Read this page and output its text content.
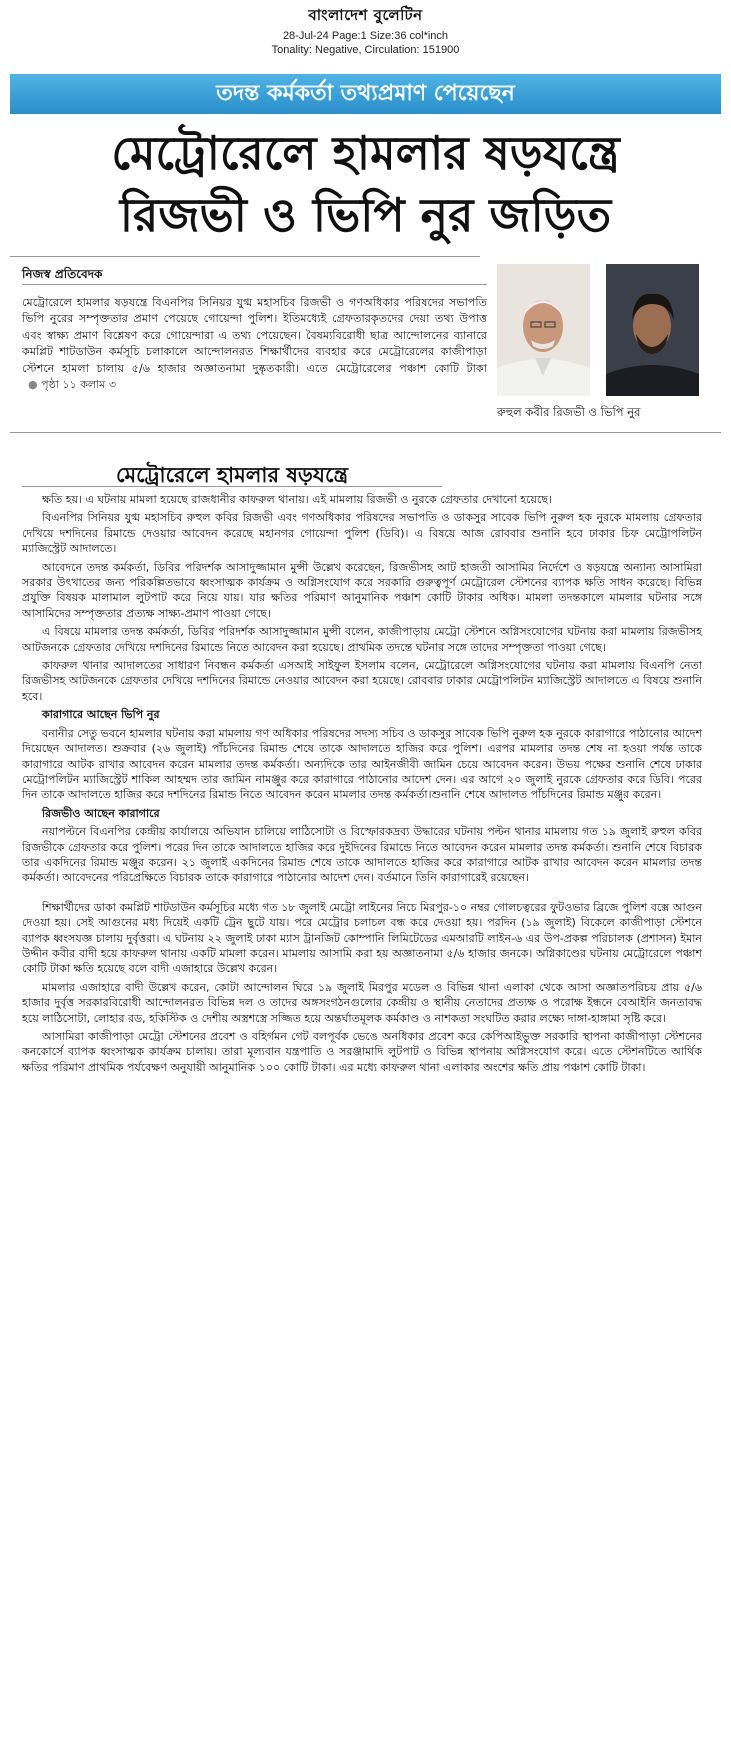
বাংলাদেশ বুলেটিন
28-Jul-24 Page:1 Size:36 col*inch
Tonality: Negative, Circulation: 151900
তদন্ত কর্মকর্তা তথ্যপ্রমাণ পেয়েছেন
মেট্রোরেলে হামলার ষড়যন্ত্রে
রিজভী ও ভিপি নুর জড়িত
নিজস্ব প্রতিবেদক
মেট্রোরেলে হামলার ষড়যন্ত্রে বিএনপির সিনিয়র যুগ্ম মহাসচিব রিজভী ও গণঅধিকার পরিষদের সভাপতি ভিপি নুরের সম্পৃক্ততার প্রমাণ পেয়েছে গোয়েন্দা পুলিশ। ইতিমধ্যেই গ্রেফতারকৃতদের দেয়া তথ্য উপাত্ত এবং স্বাক্ষ্য প্রমাণ বিশ্লেষণ করে গোয়েন্দারা এ তথ্য পেয়েছেন। বৈষম্যবিরোধী ছাত্র আন্দোলনের ব্যানারে কমপ্লিট শাটডাউন কর্মসূচি চলাকালে আন্দোলনরত শিক্ষার্থীদের ব্যবহার করে মেট্রোরেলের কাজীপাড়া স্টেশনে হামলা চালায় ৫/৬ হাজার অজ্ঞাতনামা দুষ্কৃতকারী। এতে মেট্রোরেলের পঞ্চাশ কোটি টাকা ● পৃষ্ঠা ১১ কলাম ৩
রুহুল কবীর রিজভী ও ভিপি নুর
মেট্রোরেলে হামলার ষড়যন্ত্রে

ক্ষতি হয়। এ ঘটনায় মামলা হয়েছে রাজধানীর কাফরুল থানায়। এই মামলায় রিজভী ও নুরকে গ্রেফতার দেখানো হয়েছে।

বিএনপির সিনিয়র যুগ্ম মহাসচিব রুহুল কবির রিজভী এবং গণঅধিকার পরিষদের সভাপতি ও ডাকসুর সাবেক ভিপি নুরুল হক নুরকে মামলায় গ্রেফতার দেখিয়ে দশদিনের রিমান্ডে দেওয়ার আবেদন করেছে মহানগর গোয়েন্দা পুলিশ (ডিবি)। এ বিষয়ে আজ রোববার শুনানি হবে ঢাকার চিফ মেট্রোপলিটন ম্যাজিস্ট্রেট আদালতে।

আবেদনে তদন্ত কর্মকর্তা, ডিবির পরিদর্শক আসাদুজ্জামান মুন্সী উল্লেখ করেছেন, রিজভীসহ আট হাজতী আসামির নির্দেশে ও ষড়যন্ত্রে অন্যান্য আসামিরা সরকার উৎখাতের জন্য পরিকল্পিতভাবে ধ্বংসাত্মক কার্যক্রম ও অগ্নিসংযোগ করে সরকারি গুরুত্বপূর্ণ মেট্রোরেল স্টেশনের ব্যাপক ক্ষতি সাধন করেছে। বিভিন্ন প্রযুক্তি বিষয়ক মালামাল লুটপাট করে নিয়ে যায়। যার ক্ষতির পরিমাণ আনুমানিক পঞ্চাশ কোটি টাকার অধিক। মামলা তদন্তকালে মামলার ঘটনার সঙ্গে আসামিদের সম্পৃক্ততার প্রত্যক্ষ সাক্ষ্য-প্রমাণ পাওয়া গেছে।

এ বিষয়ে মামলার তদন্ত কর্মকর্তা, ডিবির পরিদর্শক আসাদুজ্জামান মুন্সী বলেন, কাজীপাড়ায় মেট্রো স্টেশনে অগ্নিসংযোগের ঘটনায় করা মামলায় রিজভীসহ আটজনকে গ্রেফতার দেখিয়ে দশদিনের রিমান্ডে নিতে আবেদন করা হয়েছে। প্রাথমিক তদন্তে ঘটনার সঙ্গে তাদের সম্পৃক্ততা পাওয়া গেছে।

কাফরুল থানার আদালতের সাধারণ নিবন্ধন কর্মকর্তা এসআই সাইফুল ইসলাম বলেন, মেট্রোরেলে অগ্নিসংযোগের ঘটনায় করা মামলায় বিএনপি নেতা রিজভীসহ আটজনকে গ্রেফতার দেখিয়ে দশদিনের রিমান্ডে নেওয়ার আবেদন করা হয়েছে। রোববার ঢাকার মেট্রোপলিটন ম্যাজিস্ট্রেট আদালতে এ বিষয়ে শুনানি হবে।

কারাগারে আছেন ভিপি নুর

বনানীর সেতু ভবনে হামলার ঘটনায় করা মামলায় গণ অধিকার পরিষদের সদস্য সচিব ও ডাকসুর সাবেক ভিপি নুরুল হক নুরকে কারাগারে পাঠানোর আদেশ দিয়েছেন আদালত। শুক্রবার (২৬ জুলাই) পাঁচদিনের রিমান্ড শেষে তাকে আদালতে হাজির করে পুলিশ। এরপর মামলার তদন্ত শেষ না হওয়া পর্যন্ত তাকে কারাগারে আটক রাখার আবেদন করেন মামলার তদন্ত কর্মকর্তা। অন্যদিকে তার আইনজীবী জামিন চেয়ে আবেদন করেন। উভয় পক্ষের শুনানি শেষে ঢাকার মেট্রোপলিটন ম্যাজিস্ট্রেট শাকিল আহম্মদ তার জামিন নামঞ্জুর করে কারাগারে পাঠানোর আদেশ দেন। এর আগে ২০ জুলাই নুরকে গ্রেফতার করে ডিবি। পরের দিন তাকে আদালতে হাজির করে দশদিনের রিমান্ড নিতে আবেদন করেন মামলার তদন্ত কর্মকর্তা।শুনানি শেষে আদালত পাঁচদিনের রিমান্ড মঞ্জুর করেন।

রিজভীও আছেন কারাগারে

নয়াপল্টনে বিএনপির কেন্দ্রীয় কার্যালয়ে অভিযান চালিয়ে লাঠিসোটা ও বিস্ফোরকদ্রব্য উদ্ধারের ঘটনায় পল্টন থানার মামলায় গত ১৯ জুলাই রুহুল কবির রিজভীকে গ্রেফতার করে পুলিশ। পরের দিন তাকে আদালতে হাজির করে দুইদিনের রিমান্ডে নিতে আবেদন করেন মামলার তদন্ত কর্মকর্তা। শুনানি শেষে বিচারক তার একদিনের রিমান্ড মঞ্জুর করেন। ২১ জুলাই একদিনের রিমান্ড শেষে তাকে আদালতে হাজির করে কারাগারে আটক রাখার আবেদন করেন মামলার তদন্ত কর্মকর্তা। আবেদনের পরিপ্রেক্ষিতে বিচারক তাকে কারাগারে পাঠানোর আদেশ দেন। বর্তমানে তিনি কারাগারেই রয়েছেন।

শিক্ষার্থীদের ডাকা কমপ্লিট শাটডাউন কর্মসূচির মধ্যে গত ১৮ জুলাই মেট্রো লাইনের নিচে মিরপুর-১০ নম্বর গোলচত্বরের ফুটওভার ব্রিজে পুলিশ বক্সে আগুন দেওয়া হয়। সেই আগুনের মধ্য দিয়েই একটি ট্রেন ছুটে যায়। পরে মেট্রোর চলাচল বন্ধ করে দেওয়া হয়। পরদিন (১৯ জুলাই) বিকেলে কাজীপাড়া স্টেশনে ব্যাপক ধ্বংসযজ্ঞ চালায় দুর্বৃত্তরা। এ ঘটনায় ২২ জুলাই ঢাকা ম্যাস ট্রানজিট কোম্পানি লিমিটেডের এমআরটি লাইন-৬ এর উপ-প্রকল্প পরিচালক (প্রশাসন) ইমান উদ্দীন কবীর বাদী হয়ে কাফরুল থানায় একটি মামলা করেন। মামলায় আসামি করা হয় অজ্ঞাতনামা ৫/৬ হাজার জনকে। অগ্নিকাণ্ডের ঘটনায় মেট্রোরেলে পঞ্চাশ কোটি টাকা ক্ষতি হয়েছে বলে বাদী এজাহারে উল্লেখ করেন।

মামলার এজাহারে বাদী উল্লেখ করেন, কোটা আন্দোলন ঘিরে ১৯ জুলাই মিরপুর মডেল ও বিভিন্ন থানা এলাকা থেকে আসা অজ্ঞাতপরিচয় প্রায় ৫/৬ হাজার দুর্বৃত্ত সরকারবিরোধী আন্দোলনরত বিভিন্ন দল ও তাদের অঙ্গসংগঠনগুলোর কেন্দ্রীয় ও স্থানীয় নেতাদের প্রত্যক্ষ ও পরোক্ষ ইন্ধনে বেআইনি জনতাবদ্ধ হয়ে লাঠিসোটা, লোহার রড, হকিস্টিক ও দেশীয় অস্ত্রশস্ত্রে সজ্জিত হয়ে অন্তর্ঘাতমূলক কর্মকাণ্ড ও নাশকতা সংঘটিত করার লক্ষ্যে দাঙ্গা-হাঙ্গামা সৃষ্টি করে।

আসামিরা কাজীপাড়া মেট্রো স্টেশনের প্রবেশ ও বহির্গমন গেট বলপূর্বক ভেঙে অনধিকার প্রবেশ করে কেপিআইভুক্ত সরকারি স্থাপনা কাজীপাড়া স্টেশনের কনকোর্সে ব্যাপক ধ্বংসাত্মক কার্যক্রম চালায়। তারা মূল্যবান যন্ত্রপাতি ও সরঞ্জামাদি লুটপাট ও বিভিন্ন স্থাপনায় অগ্নিসংযোগ করে। এতে স্টেশনটিতে আর্থিক ক্ষতির পরিমাণ প্রাথমিক পর্যবেক্ষণ অনুযায়ী আনুমানিক ১০০ কোটি টাকা। এর মধ্যে কাফরুল থানা এলাকার অংশের ক্ষতি প্রায় পঞ্চাশ কোটি টাকা।
